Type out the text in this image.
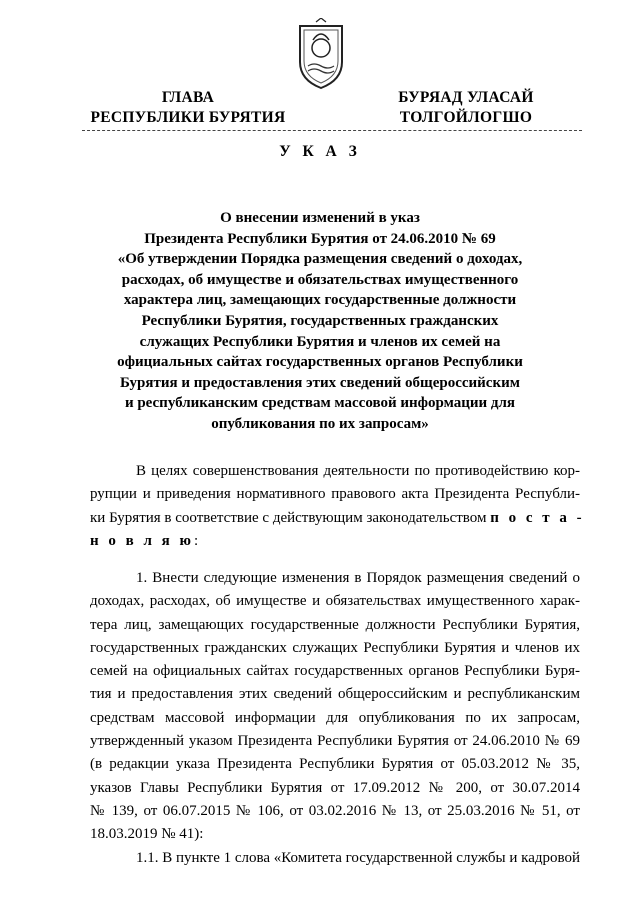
ГЛАВА
РЕСПУБЛИКИ БУРЯТИЯ
БУРЯАД УЛАСАЙ
ТОЛГОЙЛОГШО
У К А З
О внесении изменений в указ
Президента Республики Бурятия от 24.06.2010 № 69
«Об утверждении Порядка размещения сведений о доходах,
расходах, об имуществе и обязательствах имущественного
характера лиц, замещающих государственные должности
Республики Бурятия, государственных гражданских
служащих Республики Бурятия и членов их семей на
официальных сайтах государственных органов Республики
Бурятия и предоставления этих сведений общероссийским
и республиканским средствам массовой информации для
опубликования по их запросам»
В целях совершенствования деятельности по противодействию кор-
рупции и приведения нормативного правового акта Президента Республи-
ки Бурятия в соответствие с действующим законодательством п о с т а -
н о в л я ю:
1. Внести следующие изменения в Порядок размещения сведений о
доходах, расходах, об имуществе и обязательствах имущественного харак-
тера лиц, замещающих государственные должности Республики Бурятия,
государственных гражданских служащих Республики Бурятия и членов их
семей на официальных сайтах государственных органов Республики Буря-
тия и предоставления этих сведений общероссийским и республиканским
средствам массовой информации для опубликования по их запросам,
утвержденный указом Президента Республики Бурятия от 24.06.2010 № 69
(в редакции указа Президента Республики Бурятия от 05.03.2012 № 35,
указов Главы Республики Бурятия от 17.09.2012 № 200, от 30.07.2014
№ 139, от 06.07.2015 № 106, от 03.02.2016 № 13, от 25.03.2016 № 51, от
18.03.2019 № 41):
1.1. В пункте 1 слова «Комитета государственной службы и кадровой
